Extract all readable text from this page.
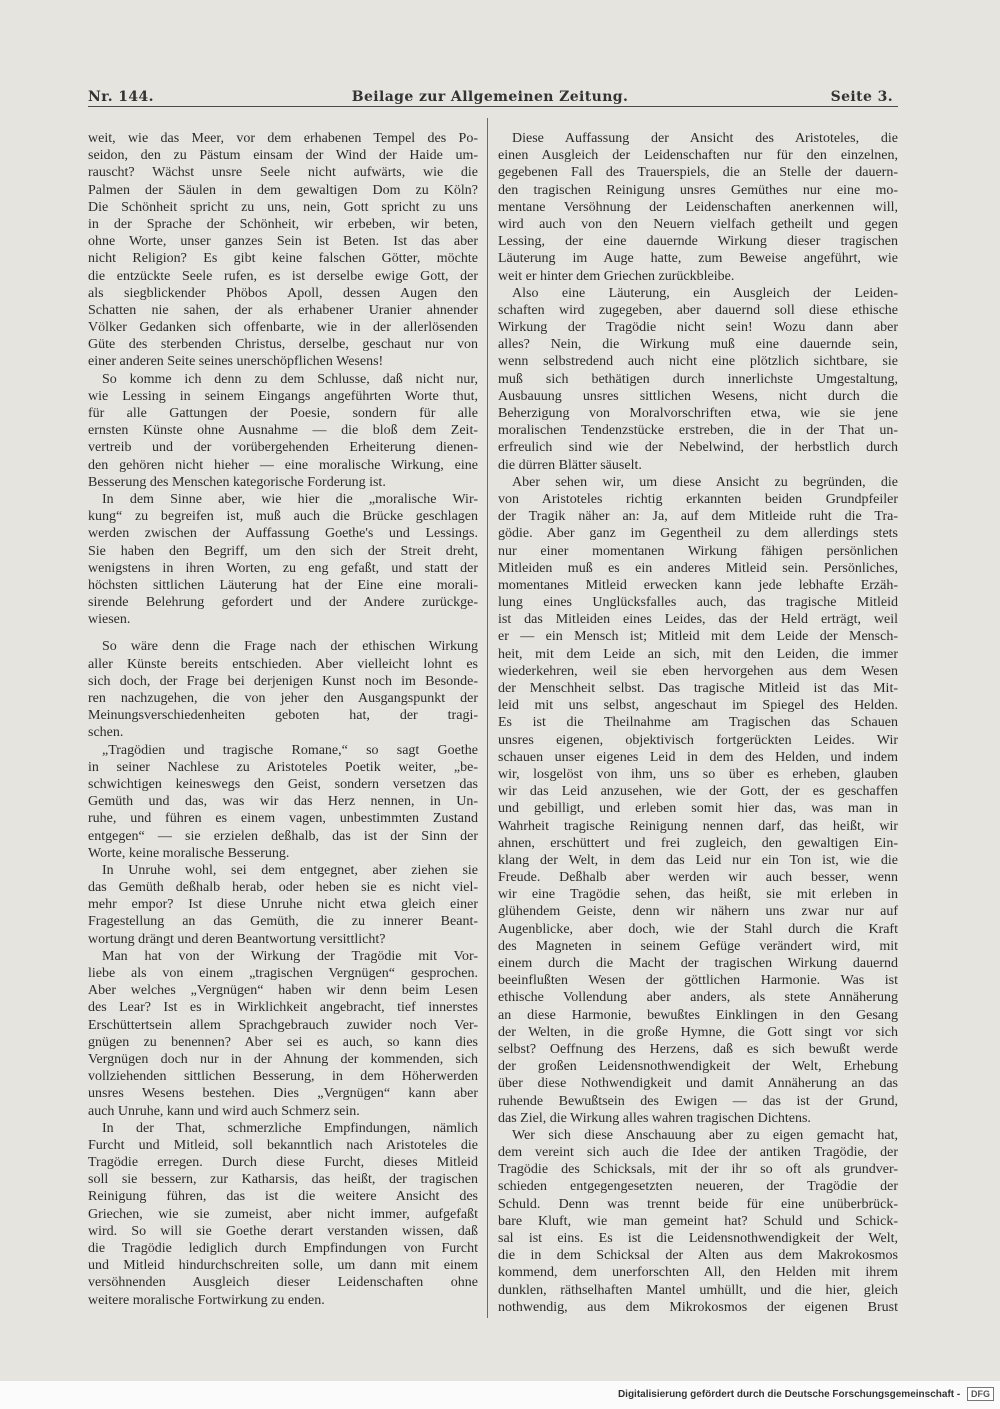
Nr. 144.	Beilage zur Allgemeinen Zeitung.	Seite 3.
weit, wie das Meer, vor dem erhabenen Tempel des Po-
seidon, den zu Pästum einsam der Wind der Haide um-
rauscht? Wächst unsre Seele nicht aufwärts, wie die
Palmen der Säulen in dem gewaltigen Dom zu Köln?
Die Schönheit spricht zu uns, nein, Gott spricht zu uns
in der Sprache der Schönheit, wir erbeben, wir beten,
ohne Worte, unser ganzes Sein ist Beten. Ist das aber
nicht Religion? Es gibt keine falschen Götter, möchte
die entzückte Seele rufen, es ist derselbe ewige Gott, der
als siegblickender Phöbos Apoll, dessen Augen den
Schatten nie sahen, der als erhabener Uranier ahnender
Völker Gedanken sich offenbarte, wie in der allerlösenden
Güte des sterbenden Christus, derselbe, geschaut nur von
einer anderen Seite seines unerschöpflichen Wesens!
So komme ich denn zu dem Schlusse, daß nicht nur,
wie Lessing in seinem Eingangs angeführten Worte thut,
für alle Gattungen der Poesie, sondern für alle
ernsten Künste ohne Ausnahme — die bloß dem Zeit-
vertreib und der vorübergehenden Erheiterung dienen-
den gehören nicht hieher — eine moralische Wirkung, eine
Besserung des Menschen kategorische Forderung ist.
In dem Sinne aber, wie hier die „moralische Wir-
kung“ zu begreifen ist, muß auch die Brücke geschlagen
werden zwischen der Auffassung Goethe's und Lessings.
Sie haben den Begriff, um den sich der Streit dreht,
wenigstens in ihren Worten, zu eng gefaßt, und statt der
höchsten sittlichen Läuterung hat der Eine eine morali-
sirende Belehrung gefordert und der Andere zurückge-
wiesen.
So wäre denn die Frage nach der ethischen Wirkung
aller Künste bereits entschieden. Aber vielleicht lohnt es
sich doch, der Frage bei derjenigen Kunst noch im Besonde-
ren nachzugehen, die von jeher den Ausgangspunkt der
Meinungsverschiedenheiten geboten hat, der tragi-
schen.
„Tragödien und tragische Romane,“ so sagt Goethe
in seiner Nachlese zu Aristoteles Poetik weiter, „be-
schwichtigen keineswegs den Geist, sondern versetzen das
Gemüth und das, was wir das Herz nennen, in Un-
ruhe, und führen es einem vagen, unbestimmten Zustand
entgegen“ — sie erzielen deßhalb, das ist der Sinn der
Worte, keine moralische Besserung.
In Unruhe wohl, sei dem entgegnet, aber ziehen sie
das Gemüth deßhalb herab, oder heben sie es nicht viel-
mehr empor? Ist diese Unruhe nicht etwa gleich einer
Fragestellung an das Gemüth, die zu innerer Beant-
wortung drängt und deren Beantwortung versittlicht?
Man hat von der Wirkung der Tragödie mit Vor-
liebe als von einem „tragischen Vergnügen“ gesprochen.
Aber welches „Vergnügen“ haben wir denn beim Lesen
des Lear? Ist es in Wirklichkeit angebracht, tief innerstes
Erschüttertsein allem Sprachgebrauch zuwider noch Ver-
gnügen zu benennen? Aber sei es auch, so kann dies
Vergnügen doch nur in der Ahnung der kommenden, sich
vollziehenden sittlichen Besserung, in dem Höherwerden
unsres Wesens bestehen. Dies „Vergnügen“ kann aber
auch Unruhe, kann und wird auch Schmerz sein.
In der That, schmerzliche Empfindungen, nämlich
Furcht und Mitleid, soll bekanntlich nach Aristoteles die
Tragödie erregen. Durch diese Furcht, dieses Mitleid
soll sie bessern, zur Katharsis, das heißt, der tragischen
Reinigung führen, das ist die weitere Ansicht des
Griechen, wie sie zumeist, aber nicht immer, aufgefaßt
wird. So will sie Goethe derart verstanden wissen, daß
die Tragödie lediglich durch Empfindungen von Furcht
und Mitleid hindurchschreiten solle, um dann mit einem
versöhnenden Ausgleich dieser Leidenschaften ohne
weitere moralische Fortwirkung zu enden.
Diese Auffassung der Ansicht des Aristoteles, die
einen Ausgleich der Leidenschaften nur für den einzelnen,
gegebenen Fall des Trauerspiels, die an Stelle der dauern-
den tragischen Reinigung unsres Gemüthes nur eine mo-
mentane Versöhnung der Leidenschaften anerkennen will,
wird auch von den Neuern vielfach getheilt und gegen
Lessing, der eine dauernde Wirkung dieser tragischen
Läuterung im Auge hatte, zum Beweise angeführt, wie
weit er hinter dem Griechen zurückbleibe.
Also eine Läuterung, ein Ausgleich der Leiden-
schaften wird zugegeben, aber dauernd soll diese ethische
Wirkung der Tragödie nicht sein! Wozu dann aber
alles? Nein, die Wirkung muß eine dauernde sein,
wenn selbstredend auch nicht eine plötzlich sichtbare, sie
muß sich bethätigen durch innerlichste Umgestaltung,
Ausbauung unsres sittlichen Wesens, nicht durch die
Beherzigung von Moralvorschriften etwa, wie sie jene
moralischen Tendenzstücke erstreben, die in der That un-
erfreulich sind wie der Nebelwind, der herbstlich durch
die dürren Blätter säuselt.
Aber sehen wir, um diese Ansicht zu begründen, die
von Aristoteles richtig erkannten beiden Grundpfeiler
der Tragik näher an: Ja, auf dem Mitleide ruht die Tra-
gödie. Aber ganz im Gegentheil zu dem allerdings stets
nur einer momentanen Wirkung fähigen persönlichen
Mitleiden muß es ein anderes Mitleid sein. Persönliches,
momentanes Mitleid erwecken kann jede lebhafte Erzäh-
lung eines Unglücksfalles auch, das tragische Mitleid
ist das Mitleiden eines Leides, das der Held erträgt, weil
er — ein Mensch ist; Mitleid mit dem Leide der Mensch-
heit, mit dem Leide an sich, mit den Leiden, die immer
wiederkehren, weil sie eben hervorgehen aus dem Wesen
der Menschheit selbst. Das tragische Mitleid ist das Mit-
leid mit uns selbst, angeschaut im Spiegel des Helden.
Es ist die Theilnahme am Tragischen das Schauen
unsres eigenen, objektivisch fortgerückten Leides. Wir
schauen unser eigenes Leid in dem des Helden, und indem
wir, losgelöst von ihm, uns so über es erheben, glauben
wir das Leid anzusehen, wie der Gott, der es geschaffen
und gebilligt, und erleben somit hier das, was man in
Wahrheit tragische Reinigung nennen darf, das heißt, wir
ahnen, erschüttert und frei zugleich, den gewaltigen Ein-
klang der Welt, in dem das Leid nur ein Ton ist, wie die
Freude. Deßhalb aber werden wir auch besser, wenn
wir eine Tragödie sehen, das heißt, sie mit erleben in
glühendem Geiste, denn wir nähern uns zwar nur auf
Augenblicke, aber doch, wie der Stahl durch die Kraft
des Magneten in seinem Gefüge verändert wird, mit
einem durch die Macht der tragischen Wirkung dauernd
beeinflußten Wesen der göttlichen Harmonie. Was ist
ethische Vollendung aber anders, als stete Annäherung
an diese Harmonie, bewußtes Einklingen in den Gesang
der Welten, in die große Hymne, die Gott singt vor sich
selbst? Oeffnung des Herzens, daß es sich bewußt werde
der großen Leidensnothwendigkeit der Welt, Erhebung
über diese Nothwendigkeit und damit Annäherung an das
ruhende Bewußtsein des Ewigen — das ist der Grund,
das Ziel, die Wirkung alles wahren tragischen Dichtens.
Wer sich diese Anschauung aber zu eigen gemacht hat,
dem vereint sich auch die Idee der antiken Tragödie, der
Tragödie des Schicksals, mit der ihr so oft als grundver-
schieden entgegengesetzten neueren, der Tragödie der
Schuld. Denn was trennt beide für eine unüberbrück-
bare Kluft, wie man gemeint hat? Schuld und Schick-
sal ist eins. Es ist die Leidensnothwendigkeit der Welt,
die in dem Schicksal der Alten aus dem Makrokosmos
kommend, dem unerforschten All, den Helden mit ihrem
dunklen, räthselhaften Mantel umhüllt, und die hier, gleich
nothwendig, aus dem Mikrokosmos der eigenen Brust
Digitalisierung gefördert durch die Deutsche Forschungsgemeinschaft - DFG
